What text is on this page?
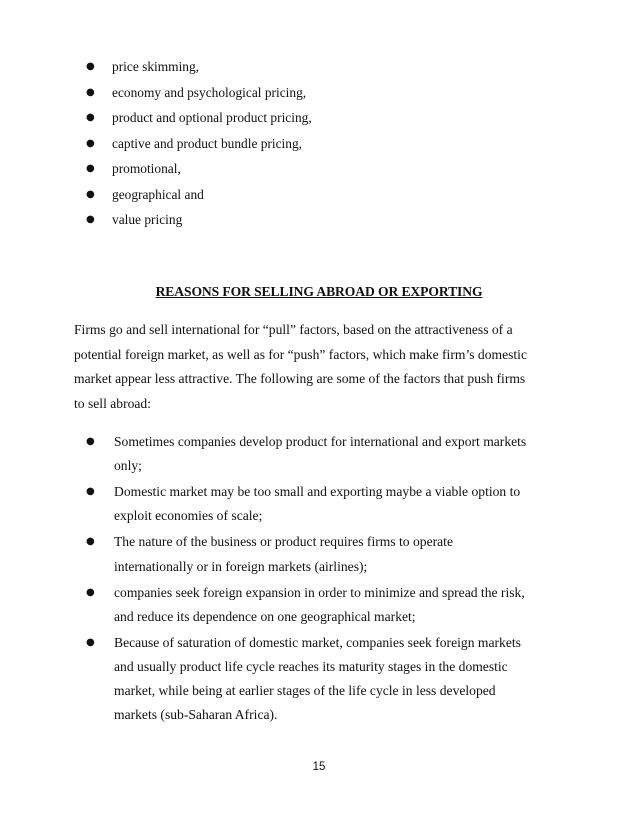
● price skimming,
● economy and psychological pricing,
● product and optional product pricing,
● captive and product bundle pricing,
● promotional,
● geographical and
● value pricing
REASONS FOR SELLING ABROAD OR EXPORTING

Firms go and sell international for “pull” factors, based on the attractiveness of a
potential foreign market, as well as for “push” factors, which make firm’s domestic
market appear less attractive. The following are some of the factors that push firms
to sell abroad:

● Sometimes companies develop product for international and export markets
only;
● Domestic market may be too small and exporting maybe a viable option to
exploit economies of scale;
● The nature of the business or product requires firms to operate
internationally or in foreign markets (airlines);
● companies seek foreign expansion in order to minimize and spread the risk,
and reduce its dependence on one geographical market;
● Because of saturation of domestic market, companies seek foreign markets
and usually product life cycle reaches its maturity stages in the domestic
market, while being at earlier stages of the life cycle in less developed
markets (sub-Saharan Africa).
15
